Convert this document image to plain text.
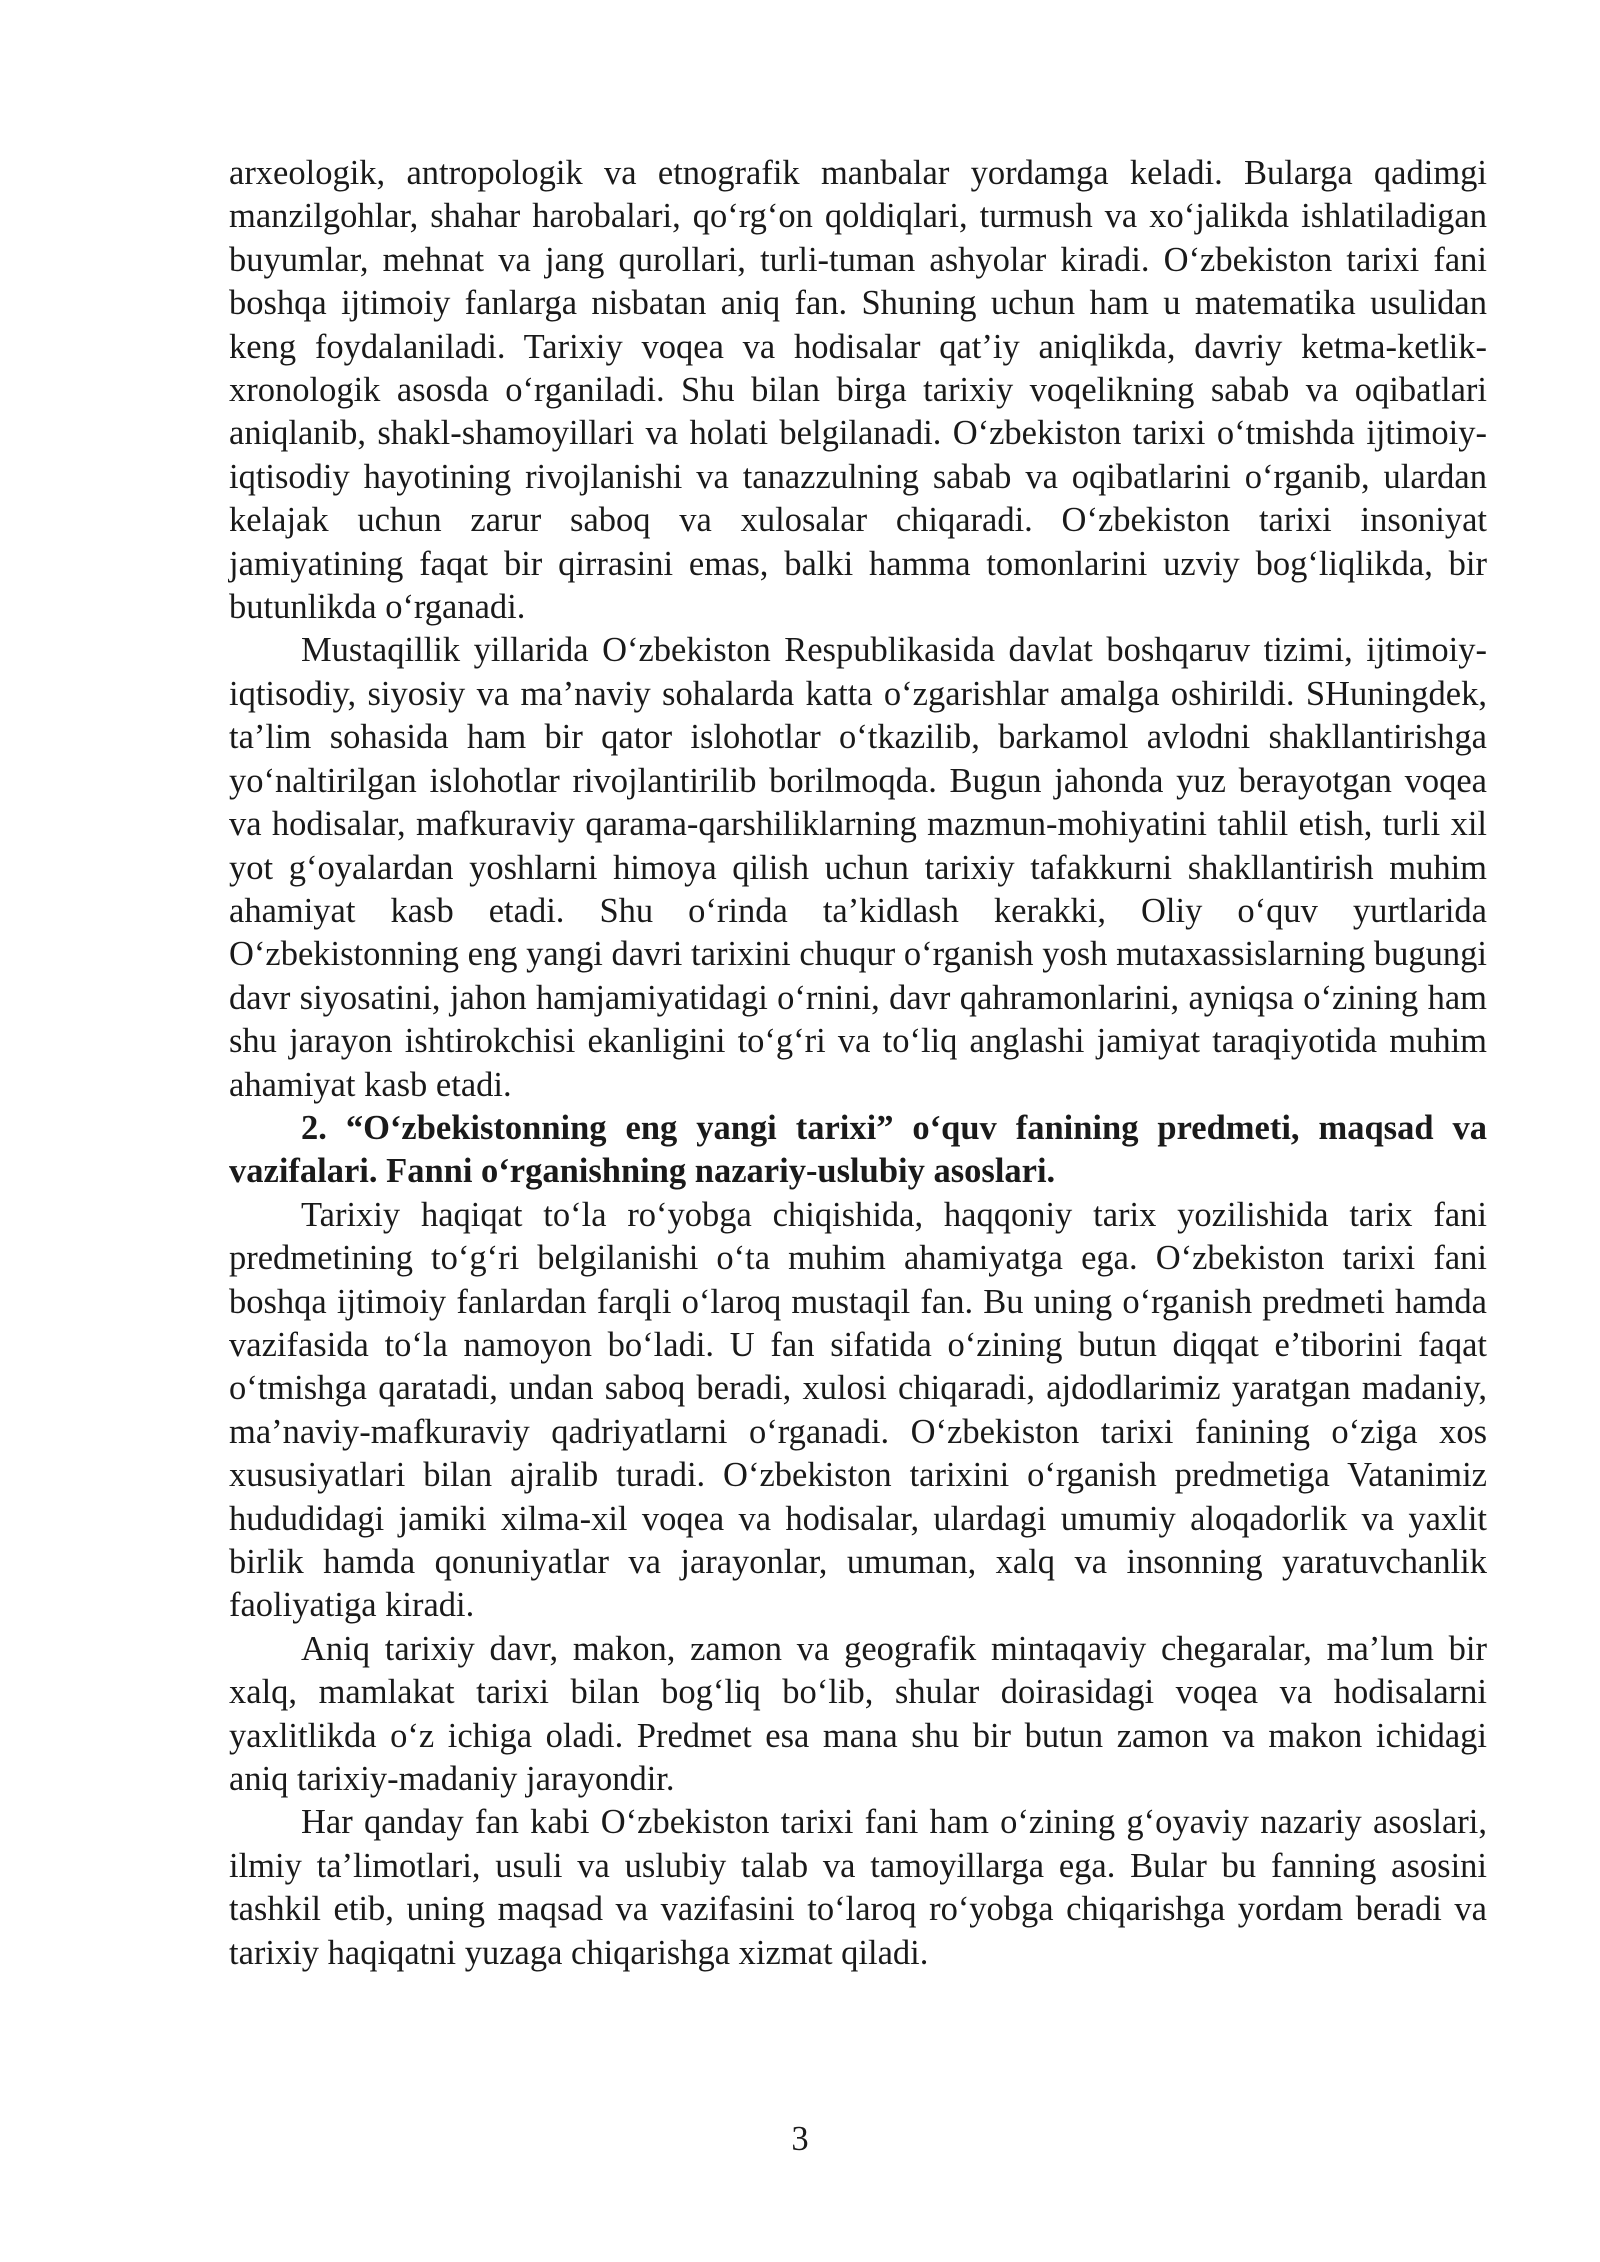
arxeologik, antropologik va etnografik manbalar yordamga keladi. Bularga qadimgi manzilgohlar, shahar harobalari, qo‘rg‘on qoldiqlari, turmush va xo‘jalikda ishlatiladigan buyumlar, mehnat va jang qurollari, turli-tuman ashyolar kiradi. O‘zbekiston tarixi fani boshqa ijtimoiy fanlarga nisbatan aniq fan. Shuning uchun ham u matematika usulidan keng foydalaniladi. Tarixiy voqea va hodisalar qat’iy aniqlikda, davriy ketma-ketlik-xronologik asosda o‘rganiladi. Shu bilan birga tarixiy voqelikning sabab va oqibatlari aniqlanib, shakl-shamoyillari va holati belgilanadi. O‘zbekiston tarixi o‘tmishda ijtimoiy-iqtisodiy hayotining rivojlanishi va tanazzulning sabab va oqibatlarini o‘rganib, ulardan kelajak uchun zarur saboq va xulosalar chiqaradi. O‘zbekiston tarixi insoniyat jamiyatining faqat bir qirrasini emas, balki hamma tomonlarini uzviy bog‘liqlikda, bir butunlikda o‘rganadi.

Mustaqillik yillarida O‘zbekiston Respublikasida davlat boshqaruv tizimi, ijtimoiy-iqtisodiy, siyosiy va ma’naviy sohalarda katta o‘zgarishlar amalga oshirildi. SHuningdek, ta’lim sohasida ham bir qator islohotlar o‘tkazilib, barkamol avlodni shakllantirishga yo‘naltirilgan islohotlar rivojlantirilib borilmoqda. Bugun jahonda yuz berayotgan voqea va hodisalar, mafkuraviy qarama-qarshiliklarning mazmun-mohiyatini tahlil etish, turli xil yot g‘oyalardan yoshlarni himoya qilish uchun tarixiy tafakkurni shakllantirish muhim ahamiyat kasb etadi. Shu o‘rinda ta’kidlash kerakki, Oliy o‘quv yurtlarida O‘zbekistonning eng yangi davri tarixini chuqur o‘rganish yosh mutaxassislarning bugungi davr siyosatini, jahon hamjamiyatidagi o‘rnini, davr qahramonlarini, ayniqsa o‘zining ham shu jarayon ishtirokchisi ekanligini to‘g‘ri va to‘liq anglashi jamiyat taraqiyotida muhim ahamiyat kasb etadi.

2. “O‘zbekistonning eng yangi tarixi” o‘quv fanining predmeti, maqsad va vazifalari. Fanni o‘rganishning nazariy-uslubiy asoslari.

Tarixiy haqiqat to‘la ro‘yobga chiqishida, haqqoniy tarix yozilishida tarix fani predmetining to‘g‘ri belgilanishi o‘ta muhim ahamiyatga ega. O‘zbekiston tarixi fani boshqa ijtimoiy fanlardan farqli o‘laroq mustaqil fan. Bu uning o‘rganish predmeti hamda vazifasida to‘la namoyon bo‘ladi. U fan sifatida o‘zining butun diqqat e’tiborini faqat o‘tmishga qaratadi, undan saboq beradi, xulosi chiqaradi, ajdodlarimiz yaratgan madaniy, ma’naviy-mafkuraviy qadriyatlarni o‘rganadi. O‘zbekiston tarixi fanining o‘ziga xos xususiyatlari bilan ajralib turadi. O‘zbekiston tarixini o‘rganish predmetiga Vatanimiz hududidagi jamiki xilma-xil voqea va hodisalar, ulardagi umumiy aloqadorlik va yaxlit birlik hamda qonuniyatlar va jarayonlar, umuman, xalq va insonning yaratuvchanlik faoliyatiga kiradi.

Aniq tarixiy davr, makon, zamon va geografik mintaqaviy chegaralar, ma’lum bir xalq, mamlakat tarixi bilan bog‘liq bo‘lib, shular doirasidagi voqea va hodisalarni yaxlitlikda o‘z ichiga oladi. Predmet esa mana shu bir butun zamon va makon ichidagi aniq tarixiy-madaniy jarayondir.

Har qanday fan kabi O‘zbekiston tarixi fani ham o‘zining g‘oyaviy nazariy asoslari, ilmiy ta’limotlari, usuli va uslubiy talab va tamoyillarga ega. Bular bu fanning asosini tashkil etib, uning maqsad va vazifasini to‘laroq ro‘yobga chiqarishga yordam beradi va tarixiy haqiqatni yuzaga chiqarishga xizmat qiladi.

3
